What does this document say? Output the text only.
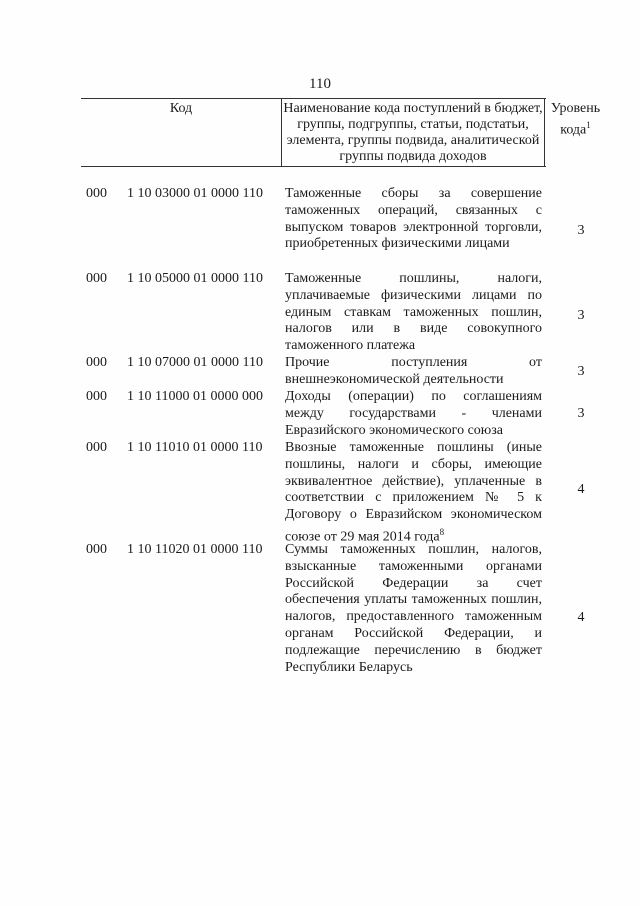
110
Код	Наименование кода поступлений в бюджет, группы, подгруппы, статьи, подстатьи, элемента, группы подвида, аналитической группы подвида доходов
Уровень кода$^1$
000 1 10 03000 01 0000 110 Таможенные сборы за совершение таможенных операций, связанных с выпуском товаров электронной торговли, приобретенных физическими лицами
3
000 1 10 05000 01 0000 110 Таможенные пошлины, налоги, уплачиваемые физическими лицами по единым ставкам таможенных пошлин, налогов или в виде совокупного таможенного платежа
3
000 1 10 07000 01 0000 110 Прочие поступления от внешнеэкономической деятельности
3
000 1 10 11000 01 0000 000 Доходы (операции) по соглашениям между государствами - членами Евразийского экономического союза
3
000 1 10 11010 01 0000 110 Ввозные таможенные пошлины (иные пошлины, налоги и сборы, имеющие эквивалентное действие), уплаченные в соответствии с приложением № 5 к Договору о Евразийском экономическом союзе от 29 мая 2014 года$^8$
4
000 1 10 11020 01 0000 110 Суммы таможенных пошлин, налогов, взысканные таможенными органами Российской Федерации за счет обеспечения уплаты таможенных пошлин, налогов, предоставленного таможенным органам Российской Федерации, и подлежащие перечислению в бюджет Республики Беларусь
4
